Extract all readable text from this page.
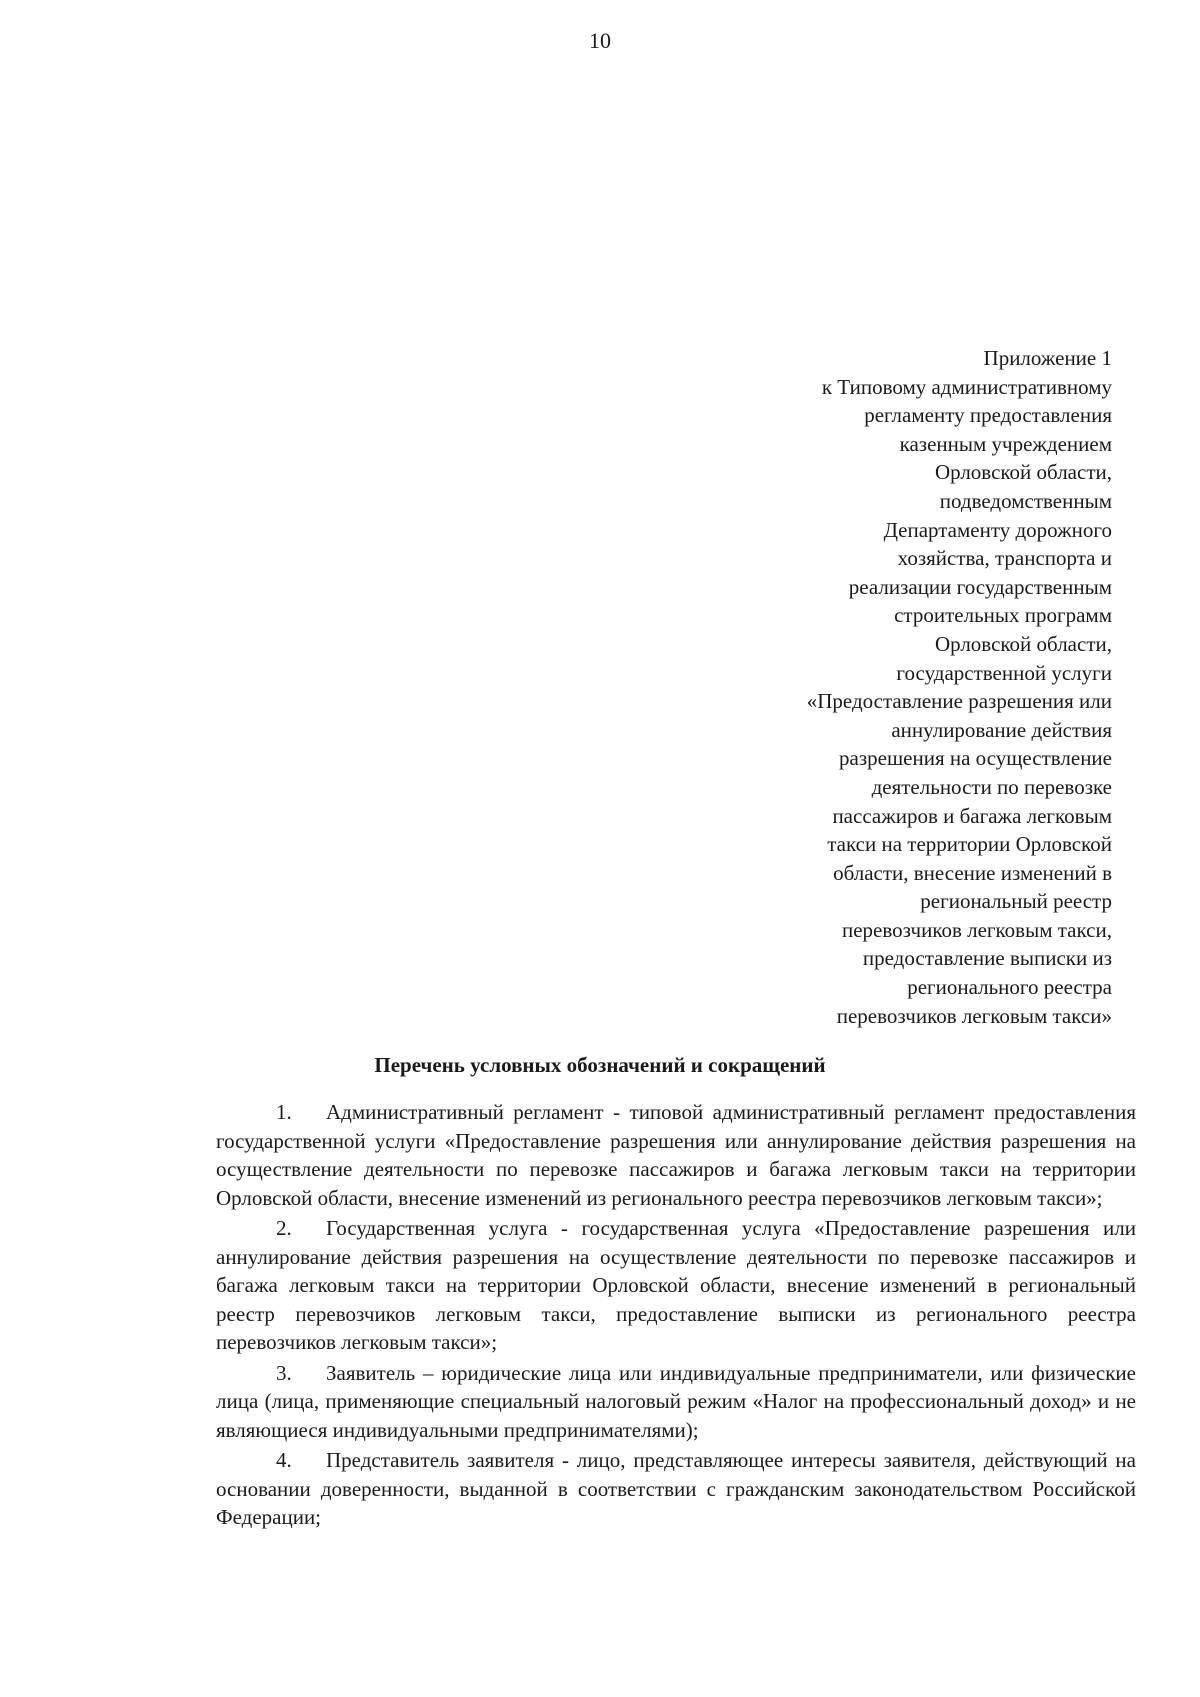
10
Приложение 1
к Типовому административному
регламенту предоставления
казенным учреждением
Орловской области,
подведомственным
Департаменту дорожного
хозяйства, транспорта и
реализации государственным
строительных программ
Орловской области,
государственной услуги
«Предоставление разрешения или
аннулирование действия
разрешения на осуществление
деятельности по перевозке
пассажиров и багажа легковым
такси на территории Орловской
области, внесение изменений в
региональный реестр
перевозчиков легковым такси,
предоставление выписки из
регионального реестра
перевозчиков легковым такси»
Перечень условных обозначений и сокращений

1. Административный регламент - типовой административный регламент предоставления государственной услуги «Предоставление разрешения или аннулирование действия разрешения на осуществление деятельности по перевозке пассажиров и багажа легковым такси на территории Орловской области, внесение изменений из регионального реестра перевозчиков легковым такси»;

2. Государственная услуга - государственная услуга «Предоставление разрешения или аннулирование действия разрешения на осуществление деятельности по перевозке пассажиров и багажа легковым такси на территории Орловской области, внесение изменений в региональный реестр перевозчиков легковым такси, предоставление выписки из регионального реестра перевозчиков легковым такси»;

3. Заявитель – юридические лица или индивидуальные предприниматели, или физические лица (лица, применяющие специальный налоговый режим «Налог на профессиональный доход» и не являющиеся индивидуальными предпринимателями);

4. Представитель заявителя - лицо, представляющее интересы заявителя, действующий на основании доверенности, выданной в соответствии с гражданским законодательством Российской Федерации;
